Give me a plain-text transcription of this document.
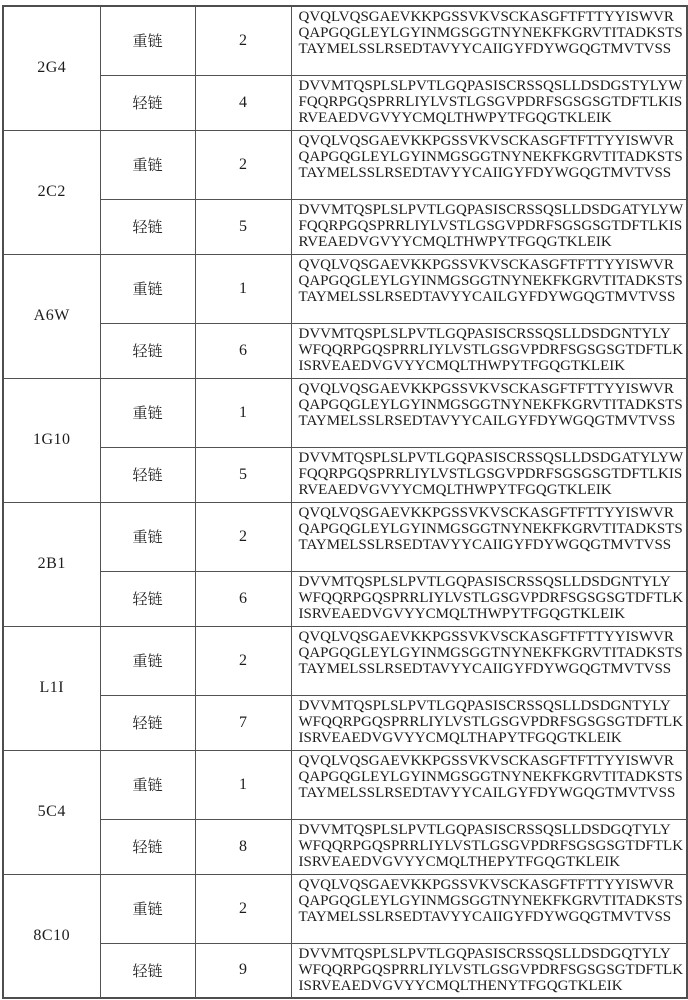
2G4	重链	2	QVQLVQSGAEVKKPGSSVKVSCKASGFTFTTYYISWVRQAPGQGLEYLGYINMGSGGTNYNEKFKGRVTITADKSTSTAYMELSSLRSEDTAVYYCAIIGYFDYWGQGTMVTVSS
	轻链	4	DVVMTQSPLSLPVTLGQPASISCRSSQSLLDSDGSTYLYWFQQRPGQSPRRLIYLVSTLGSGVPDRFSGSGSGTDFTLKISRVEAEDVGVYYCMQLTHWPYTFGQGTKLEIK
2C2	重链	2	QVQLVQSGAEVKKPGSSVKVSCKASGFTFTTYYISWVRQAPGQGLEYLGYINMGSGGTNYNEKFKGRVTITADKSTSTAYMELSSLRSEDTAVYYCAIIGYFDYWGQGTMVTVSS
	轻链	5	DVVMTQSPLSLPVTLGQPASISCRSSQSLLDSDGATYLYWFQQRPGQSPRRLIYLVSTLGSGVPDRFSGSGSGTDFTLKISRVEAEDVGVYYCMQLTHWPYTFGQGTKLEIK
A6W	重链	1	QVQLVQSGAEVKKPGSSVKVSCKASGFTFTTYYISWVRQAPGQGLEYLGYINMGSGGTNYNEKFKGRVTITADKSTSTAYMELSSLRSEDTAVYYCAILGYFDYWGQGTMVTVSS
	轻链	6	DVVMTQSPLSLPVTLGQPASISCRSSQSLLDSDGNTYLYWFQQRPGQSPRRLIYLVSTLGSGVPDRFSGSGSGTDFTLKISRVEAEDVGVYYCMQLTHWPYTFGQGTKLEIK
1G10	重链	1	QVQLVQSGAEVKKPGSSVKVSCKASGFTFTTYYISWVRQAPGQGLEYLGYINMGSGGTNYNEKFKGRVTITADKSTSTAYMELSSLRSEDTAVYYCAILGYFDYWGQGTMVTVSS
	轻链	5	DVVMTQSPLSLPVTLGQPASISCRSSQSLLDSDGATYLYWFQQRPGQSPRRLIYLVSTLGSGVPDRFSGSGSGTDFTLKISRVEAEDVGVYYCMQLTHWPYTFGQGTKLEIK
2B1	重链	2	QVQLVQSGAEVKKPGSSVKVSCKASGFTFTTYYISWVRQAPGQGLEYLGYINMGSGGTNYNEKFKGRVTITADKSTSTAYMELSSLRSEDTAVYYCAIIGYFDYWGQGTMVTVSS
	轻链	6	DVVMTQSPLSLPVTLGQPASISCRSSQSLLDSDGNTYLYWFQQRPGQSPRRLIYLVSTLGSGVPDRFSGSGSGTDFTLKISRVEAEDVGVYYCMQLTHWPYTFGQGTKLEIK
L1I	重链	2	QVQLVQSGAEVKKPGSSVKVSCKASGFTFTTYYISWVRQAPGQGLEYLGYINMGSGGTNYNEKFKGRVTITADKSTSTAYMELSSLRSEDTAVYYCAIIGYFDYWGQGTMVTVSS
	轻链	7	DVVMTQSPLSLPVTLGQPASISCRSSQSLLDSDGNTYLYWFQQRPGQSPRRLIYLVSTLGSGVPDRFSGSGSGTDFTLKISRVEAEDVGVYYCMQLTHAPYTFGQGTKLEIK
5C4	重链	1	QVQLVQSGAEVKKPGSSVKVSCKASGFTFTTYYISWVRQAPGQGLEYLGYINMGSGGTNYNEKFKGRVTITADKSTSTAYMELSSLRSEDTAVYYCAILGYFDYWGQGTMVTVSS
	轻链	8	DVVMTQSPLSLPVTLGQPASISCRSSQSLLDSDGQTYLYWFQQRPGQSPRRLIYLVSTLGSGVPDRFSGSGSGTDFTLKISRVEAEDVGVYYCMQLTHEPYTFGQGTKLEIK
8C10	重链	2	QVQLVQSGAEVKKPGSSVKVSCKASGFTFTTYYISWVRQAPGQGLEYLGYINMGSGGTNYNEKFKGRVTITADKSTSTAYMELSSLRSEDTAVYYCAIIGYFDYWGQGTMVTVSS
	轻链	9	DVVMTQSPLSLPVTLGQPASISCRSSQSLLDSDGQTYLYWFQQRPGQSPRRLIYLVSTLGSGVPDRFSGSGSGTDFTLKISRVEAEDVGVYYCMQLTHENYTFGQGTKLEIK
